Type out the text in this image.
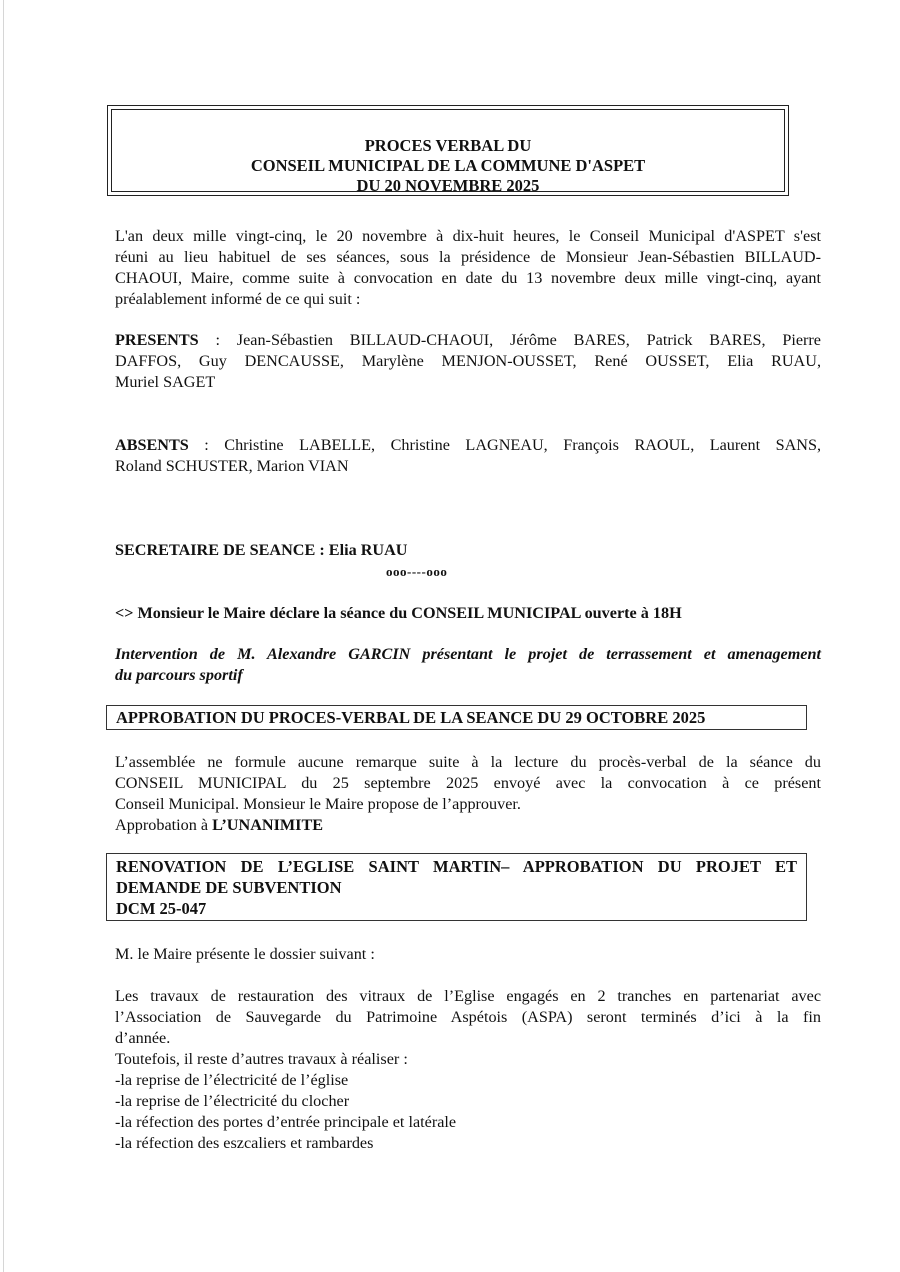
PROCES VERBAL DU
CONSEIL MUNICIPAL DE LA COMMUNE D'ASPET
DU 20 NOVEMBRE 2025
L'an deux mille vingt-cinq, le 20 novembre à dix-huit heures, le Conseil Municipal d'ASPET s'est
réuni au lieu habituel de ses séances, sous la présidence de Monsieur Jean-Sébastien BILLAUD-
CHAOUI, Maire, comme suite à convocation en date du 13 novembre deux mille vingt-cinq, ayant
préalablement informé de ce qui suit :
PRESENTS : Jean-Sébastien BILLAUD-CHAOUI, Jérôme BARES, Patrick BARES, Pierre
DAFFOS, Guy DENCAUSSE, Marylène MENJON-OUSSET, René OUSSET, Elia RUAU,
Muriel SAGET
ABSENTS : Christine LABELLE, Christine LAGNEAU, François RAOUL, Laurent SANS,
Roland SCHUSTER, Marion VIAN
SECRETAIRE DE SEANCE : Elia RUAU
ooo----ooo
<> Monsieur le Maire déclare la séance du CONSEIL MUNICIPAL ouverte à 18H
Intervention de M. Alexandre GARCIN présentant le projet de terrassement et amenagement
du parcours sportif
APPROBATION DU PROCES-VERBAL DE LA SEANCE DU 29 OCTOBRE 2025
L’assemblée ne formule aucune remarque suite à la lecture du procès-verbal de la séance du
CONSEIL MUNICIPAL du 25 septembre 2025 envoyé avec la convocation à ce présent
Conseil Municipal. Monsieur le Maire propose de l’approuver.
Approbation à L’UNANIMITE
RENOVATION DE L’EGLISE SAINT MARTIN– APPROBATION DU PROJET ET
DEMANDE DE SUBVENTION
DCM 25-047
M. le Maire présente le dossier suivant :
Les travaux de restauration des vitraux de l’Eglise engagés en 2 tranches en partenariat avec
l’Association de Sauvegarde du Patrimoine Aspétois (ASPA) seront terminés d’ici à la fin
d’année.
Toutefois, il reste d’autres travaux à réaliser :
-la reprise de l’électricité de l’église
-la reprise de l’électricité du clocher
-la réfection des portes d’entrée principale et latérale
-la réfection des eszcaliers et rambardes
